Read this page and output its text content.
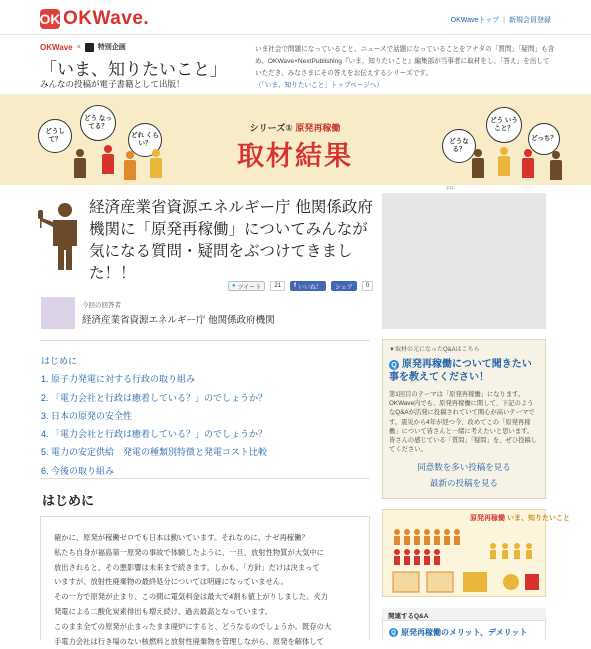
OK OKWave.	OKWaveトップ | 新規会員登録
OKWave × 特別企画
「いま、知りたいこと」
みんなの投稿が電子書籍として出版！
いま社会で問題になっていること、ニュースで話題になっていることをアナタの「質問」「疑問」も含め、OKWave×NextPublishing『いま、知りたいこと』編集部が当事者に取材をし、「答え」を出していただき、みなさまにその答えをお伝えするシリーズです。（「いま、知りたいこと」トップページへ）
どうして？
どう なってる？
どれ くらい？	どうなる？
どう いうこと？
どっち？
シリーズ① 原発再稼働
取材結果
-PR-
経済産業省資源エネルギー庁 他関係政府機関に「原発再稼働」についてみんなが気になる質問・疑問をぶつけてきました！！
● ツイート	21	f いいね！	シェア	0
今回の回答者
経済産業省資源エネルギー庁 他関係政府機関
はじめに
1. 原子力発電に対する行政の取り組み
2. 「電力会社と行政は癒着している？」のでしょうか？
3. 日本の原発の安全性
4. 「電力会社と行政は癒着している？」のでしょうか？
5. 電力の安定供給　発電の種類別特徴と発電コスト比較
6. 今後の取り組み
はじめに
確かに、原発が稼働ゼロでも日本は動いています。それなのに、ナゼ再稼働？
私たち自身が福島第一原発の事故で体験したように、一旦、放射性物質が大気中に
放出されると、その悪影響は未来まで続きます。しかも、「方針」だけは決まって
いますが、放射性廃棄物の最終処分については明確になっていません。
その一方で原発が止まり、この間に電気料金は最大で4割も値上がりしました。火力
発電による二酸化炭素排出も増え続け、過去最高となっています。
このまま全ての原発が止まったまま廃炉にすると、どうなるのでしょうか。既存の大
手電力会社は行き場のない核燃料と放射性廃棄物を管理しながら、原発を解体して
▼取材の元になったQ&Aはこちら
原発再稼働について聞きたい事を教えてください！
Q
第1回目のテーマは「原発再稼働」になります。OKWave内でも、原発再稼働に関して、下記のようなQ&Aが活発に投稿されていて関心が高いテーマです。震災から4年が経つ今、改めてこの「原発再稼働」について皆さんと一緒に考えたいと思います。皆さんの感じている「質問」「疑問」を、ぜひ投稿してください。
同意数を多い投稿を見る
最新の投稿を見る
原発再稼働 いま、知りたいこと
関連するQ&A
Q 原発再稼働のメリット、デメリット
